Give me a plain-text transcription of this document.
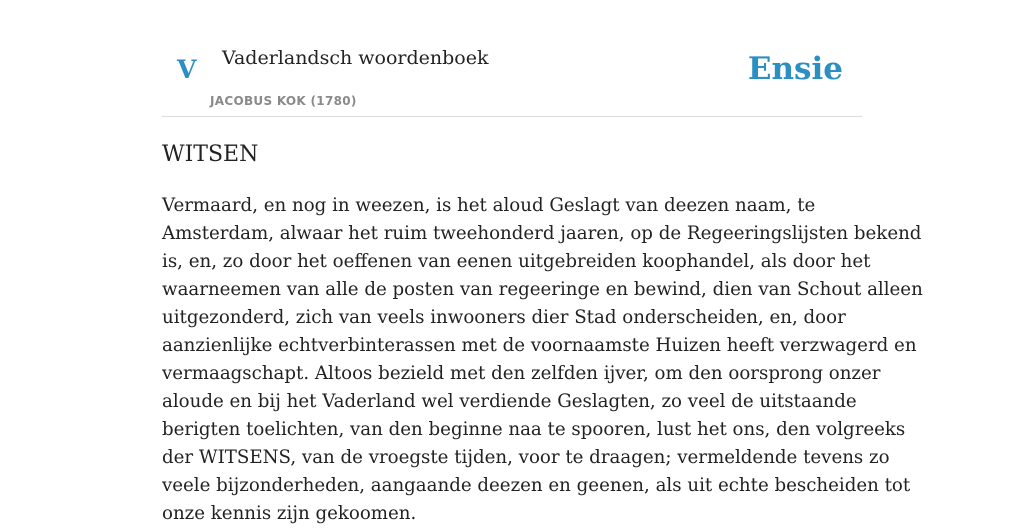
V Vaderlandsch woordenboek
JACOBUS KOK (1780)
Ensie
WITSEN

Vermaard, en nog in weezen, is het aloud Geslagt van deezen naam, te
Amsterdam, alwaar het ruim tweehonderd jaaren, op de Regeeringslijsten bekend
is, en, zo door het oeffenen van eenen uitgebreiden koophandel, als door het
waarneemen van alle de posten van regeeringe en bewind, dien van Schout alleen
uitgezonderd, zich van veels inwooners dier Stad onderscheiden, en, door
aanzienlijke echtverbinterassen met de voornaamste Huizen heeft verzwagerd en
vermaagschapt. Altoos bezield met den zelfden ijver, om den oorsprong onzer
aloude en bij het Vaderland wel verdiende Geslagten, zo veel de uitstaande
berigten toelichten, van den beginne naa te spooren, lust het ons, den volgreeks
der WITSENS, van de vroegste tijden, voor te draagen; vermeldende tevens zo
veele bijzonderheden, aangaande deezen en geenen, als uit echte bescheiden tot
onze kennis zijn gekoomen.
